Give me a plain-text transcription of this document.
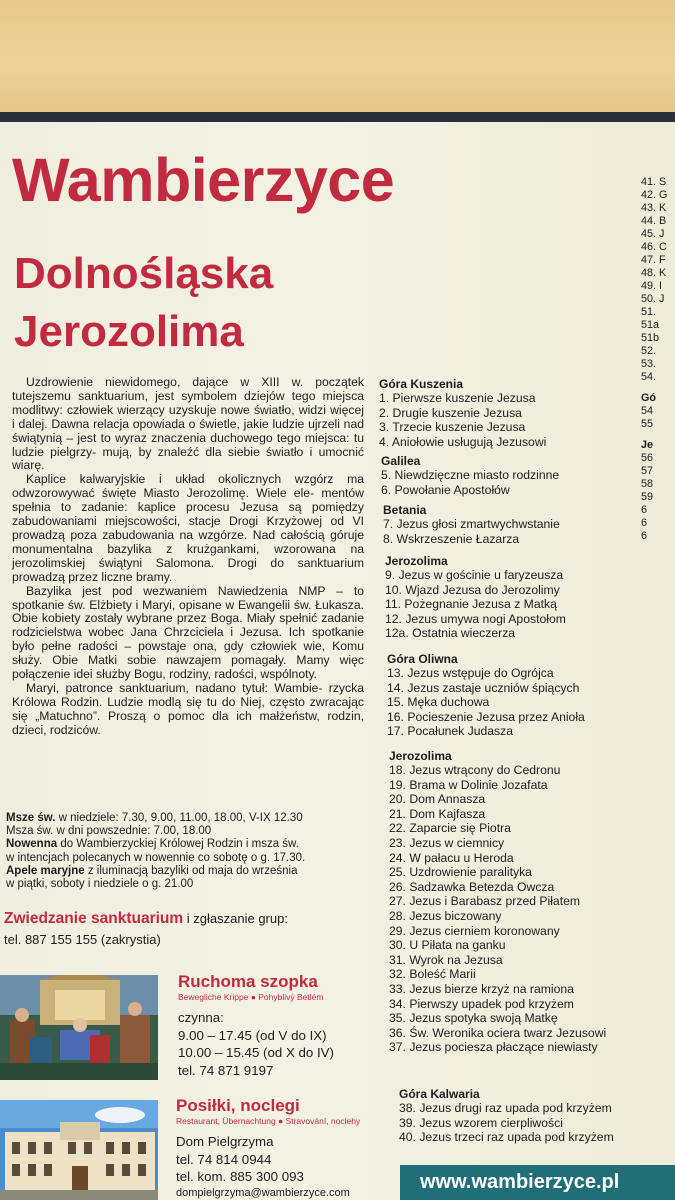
Wambierzyce
Dolnośląska
Jerozolima

Uzdrowienie niewidomego, dające w XIII w. początek tutejszemu sanktuarium, jest symbolem dziejów tego miejsca modlitwy: człowiek wierzący uzyskuje nowe światło, widzi więcej i dalej. Dawna relacja opowiada o świetle, jakie ludzie ujrzeli nad świątynią – jest to wyraz znaczenia duchowego tego miejsca: tu ludzie pielgrzy- mują, by znaleźć dla siebie światło i umocnić wiarę.

Kaplice kalwaryjskie i układ okolicznych wzgórz ma odwzorowywać święte Miasto Jerozolimę. Wiele ele- mentów spełnia to zadanie: kaplice procesu Jezusa są pomiędzy zabudowaniami miejscowości, stacje Drogi Krzyżowej od VI prowadzą poza zabudowania na wzgórze. Nad całością góruje monumentalna bazylika z krużgankami, wzorowana na jerozolimskiej świątyni Salomona. Drogi do sanktuarium prowadzą przez liczne bramy.

Bazylika jest pod wezwaniem Nawiedzenia NMP – to spotkanie św. Elżbiety i Maryi, opisane w Ewangelii św. Łukasza. Obie kobiety zostały wybrane przez Boga. Miały spełnić zadanie rodzicielstwa wobec Jana Chrzciciela i Jezusa. Ich spotkanie było pełne radości – powstaje ona, gdy człowiek wie, Komu służy. Obie Matki sobie nawzajem pomagały. Mamy więc połączenie idei służby Bogu, rodziny, radości, wspólnoty.

Maryi, patronce sanktuarium, nadano tytuł: Wambie- rzycka Królowa Rodzin. Ludzie modlą się tu do Niej, często zwracając się „Matuchno”. Proszą o pomoc dla ich małżeństw, rodzin, dzieci, rodziców.

Msze św. w niedziele: 7.30, 9.00, 11.00, 18.00, V-IX 12.30
Msza św. w dni powszednie: 7.00, 18.00
Nowenna do Wambierzyckiej Królowej Rodzin i msza św.
w intencjach polecanych w nowennie co sobotę o g. 17.30.
Apele maryjne z iluminacją bazyliki od maja do września
w piątki, soboty i niedziele o g. 21.00
Zwiedzanie sanktuarium i zgłaszanie grup:
tel. 887 155 155 (zakrystia)
Ruchoma szopka
Bewegliche Krippe ● Pohyblivý Betlém
czynna:
9.00 – 17.45 (od V do IX)
10.00 – 15.45 (od X do IV)
tel. 74 871 9197
Posiłki, noclegi
Restaurant, Übernachtung ● Stravování, noclehy
Dom Pielgrzyma
tel. 74 814 0944
tel. kom. 885 300 093
dompielgrzyma@wambierzyce.com
Góra Kuszenia
1. Pierwsze kuszenie Jezusa
2. Drugie kuszenie Jezusa
3. Trzecie kuszenie Jezusa
4. Aniołowie usługują Jezusowi
Galilea
5. Niewdzięczne miasto rodzinne
6. Powołanie Apostołów
Betania
7. Jezus głosi zmartwychwstanie
8. Wskrzeszenie Łazarza
Jerozolima
9. Jezus w gościnie u faryzeusza
10. Wjazd Jezusa do Jerozolimy
11. Pożegnanie Jezusa z Matką
12. Jezus umywa nogi Apostołom
12a. Ostatnia wieczerza
Góra Oliwna
13. Jezus wstępuje do Ogrójca
14. Jezus zastaje uczniów śpiących
15. Męka duchowa
16. Pocieszenie Jezusa przez Anioła
17. Pocałunek Judasza
Jerozolima
18. Jezus wtrącony do Cedronu
19. Brama w Dolinie Jozafata
20. Dom Annasza
21. Dom Kajfasza
22. Zaparcie się Piotra
23. Jezus w ciemnicy
24. W pałacu u Heroda
25. Uzdrowienie paralityka
26. Sadzawka Betezda Owcza
27. Jezus i Barabasz przed Piłatem
28. Jezus biczowany
29. Jezus cierniem koronowany
30. U Piłata na ganku
31. Wyrok na Jezusa
32. Boleść Marii
33. Jezus bierze krzyż na ramiona
34. Pierwszy upadek pod krzyżem
35. Jezus spotyka swoją Matkę
36. Św. Weronika ociera twarz Jezusowi
37. Jezus pociesza płaczące niewiasty
Góra Kalwaria
38. Jezus drugi raz upada pod krzyżem
39. Jezus wzorem cierpliwości
40. Jezus trzeci raz upada pod krzyżem
41. S
42. G
43. K
44. B
45. J
46. C
47. F
48. K
49. I
50. J
51.
51a
51b
52.
53.
54.
Gó
54
55
Je
56
57
58
59
6
6
6
www.wambierzyce.pl
